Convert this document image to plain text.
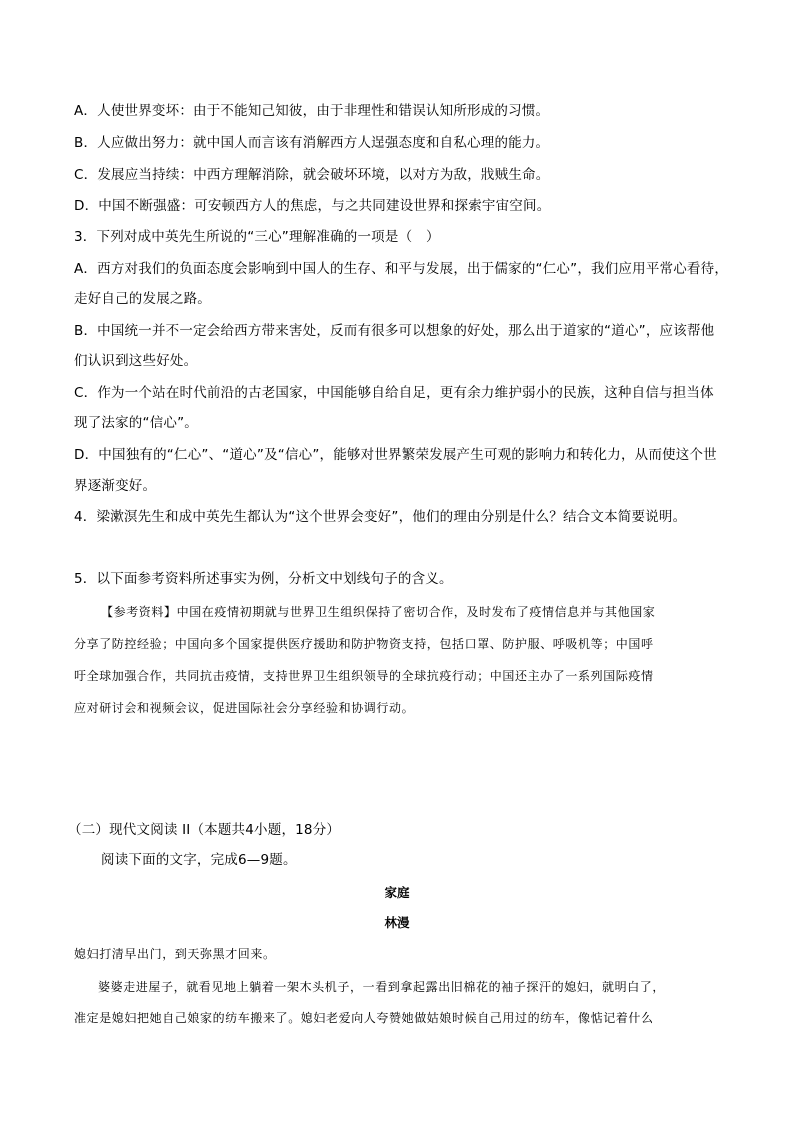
A．人使世界变坏：由于不能知己知彼，由于非理性和错误认知所形成的习惯。
B．人应做出努力：就中国人而言该有消解西方人逞强态度和自私心理的能力。
C．发展应当持续：中西方理解消除，就会破坏环境，以对方为敌，戕贼生命。
D．中国不断强盛：可安顿西方人的焦虑，与之共同建设世界和探索宇宙空间。
3．下列对成中英先生所说的“三心”理解准确的一项是（　）
A．西方对我们的负面态度会影响到中国人的生存、和平与发展，出于儒家的“仁心”，我们应用平常心看待，
走好自己的发展之路。
B．中国统一并不一定会给西方带来害处，反而有很多可以想象的好处，那么出于道家的“道心”，应该帮他
们认识到这些好处。
C．作为一个站在时代前沿的古老国家，中国能够自给自足，更有余力维护弱小的民族，这种自信与担当体
现了法家的“信心”。
D．中国独有的“仁心”、“道心”及“信心”，能够对世界繁荣发展产生可观的影响力和转化力，从而使这个世
界逐渐变好。
4．梁漱溟先生和成中英先生都认为“这个世界会变好”，他们的理由分别是什么？结合文本简要说明。
5．以下面参考资料所述事实为例，分析文中划线句子的含义。
【参考资料】中国在疫情初期就与世界卫生组织保持了密切合作，及时发布了疫情信息并与其他国家
分享了防控经验；中国向多个国家提供医疗援助和防护物资支持，包括口罩、防护服、呼吸机等；中国呼
吁全球加强合作，共同抗击疫情，支持世界卫生组织领导的全球抗疫行动；中国还主办了一系列国际疫情
应对研讨会和视频会议，促进国际社会分享经验和协调行动。
（二）现代文阅读 II（本题共4小题，18分）
阅读下面的文字，完成6—9题。
家庭
林漫
媳妇打清早出门，到天弥黑才回来。
婆婆走进屋子，就看见地上躺着一架木头机子，一看到拿起露出旧棉花的袖子探汗的媳妇，就明白了，
准定是媳妇把她自己娘家的纺车搬来了。媳妇老爱向人夸赞她做姑娘时候自己用过的纺车，像惦记着什么
